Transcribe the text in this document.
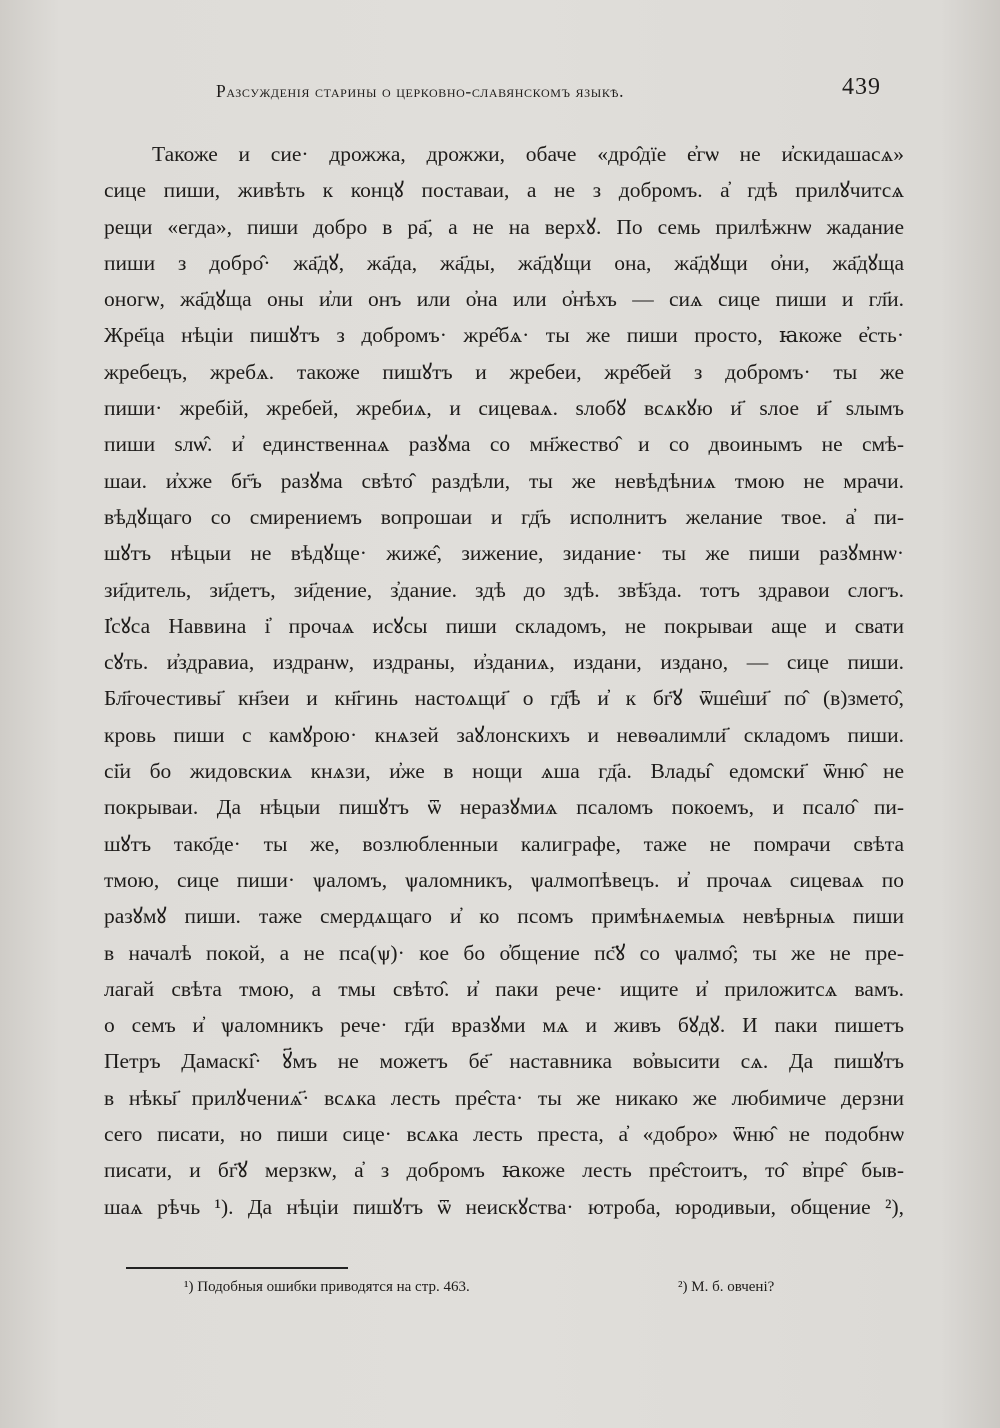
Разсужденія старины о церковно-славянскомъ языкѣ.	439
Такоже и сие· дрожжа, дрожжи, обаче «дро̂дїе е҆гѡ не и҆скидашасѧ»
сице пиши, живѣть к концꙋ поставаи, а не з добромъ. а҆ гдѣ прилꙋчитсѧ
рещи «егда», пиши добро в ра҃, а не на верхꙋ. По семь прилѣжнѡ жадание
пиши з добро̂· жа҃дꙋ, жа҃да, жа҃ды, жа҃дꙋщи она, жа҃дꙋщи о҆ни, жа҃дꙋща
оногѡ, жа҃дꙋща оны и҆ли онъ или о҆на или о҆нѣхъ — сиѧ сице пиши и гл҃и.
Жре҃ца нѣціи пишꙋтъ з добромъ· жре̂бѧ· ты же пиши просто, ꙗкоже е҆сть·
жребецъ, жребѧ. такоже пишꙋтъ и жребеи, жре̂бей з добромъ· ты же
пиши· жребій, жребей, жребиѧ, и сицеваѧ. ѕлобꙋ всѧкꙋю и҃ ѕлое и҃ ѕлымъ
пиши ѕлѡ̂. и҆ единственнаѧ разꙋма со мн҃жество̂ и со двоинымъ не смѣ-
шаи. и҆хже бг҃ъ разꙋма свѣто̂ раздѣли, ты же невѣдѣниѧ тмою не мрачи.
вѣдꙋщаго со смирениемъ вопрошаи и гд҃ъ исполнитъ желание твое. а҆ пи-
шꙋтъ нѣцыи не вѣдꙋще· жиже̂, зижение, зидание· ты же пиши разꙋмнѡ·
зи҃дитель, зи҃детъ, зи҃дение, з҆дание. здѣ до здѣ. звѣ҃зда. тотъ здравои слогъ.
І҆сꙋса Наввина і҆ прочаѧ исꙋсы пиши складомъ, не покрываи аще и свати
сꙋть. и҆здравиа, издранѡ, издраны, и҆зданиѧ, издани, издано, — сице пиши.
Бл҃гочестивы҃ кн҃зеи и кн҃гинь настоѧщи҃ о гд҃ѣ и҆ к бг҃ꙋ ѿше̂ши҃ по̂ (в)змето̂,
кровь пиши с камꙋрою· кнѧзей заꙋлонскихъ и невѳалимли҃ складомъ пиши.
сі҃и бо жидовскиѧ кнѧзи, и҆же в нощи ѧша гд҃а. Влады̂ едомски҃ ѿню̂ не
покрываи. Да нѣцыи пишꙋтъ ѿ неразꙋмиѧ псаломъ покоемъ, и псало̂ пи-
шꙋтъ тако҃де· ты же, возлюбленныи калиграфе, таже не помрачи свѣта
тмою, сице пиши· ѱаломъ, ѱаломникъ, ѱалмопѣвецъ. и҆ прочаѧ сицеваѧ по
разꙋмꙋ пиши. таже смердѧщаго и҆ ко псомъ примѣнѧемыѧ невѣрныѧ пиши
в началѣ покой, а не пса(ѱ)· кое бо о҆бщение пс҃ꙋ со ѱалмо̂; ты же не пре-
лагай свѣта тмою, а тмы свѣто̂. и҆ паки рече· ищите и҆ приложитсѧ вамъ.
о семъ и҆ ѱаломникъ рече· гд҃и вразꙋми мѧ и живъ бꙋдꙋ. И паки пишетъ
Петръ Дамаскі̂· ꙋ҃мъ не можетъ бе҃ наставника во҆҆высити сѧ. Да пишꙋтъ
в нѣкы҃ прилꙋчениѧ҃· всѧка лесть пре̂ста· ты же никако же любимиче дерзни
сего писати, но пиши сице· всѧка лесть преста, а҆ «добро» ѿню̂ не подобнѡ
писати, и бг҃ꙋ мерзкѡ, а҆ з добромъ ꙗкоже лесть пре̂стоитъ, то̂ в҆пре̂ быв-
шаѧ рѣчь ¹). Да нѣціи пишꙋтъ ѿ неискꙋства· ютроба, юродивыи, общение ²),
¹) Подобныя ошибки приводятся на стр. 463.	²) М. б. овчені?
